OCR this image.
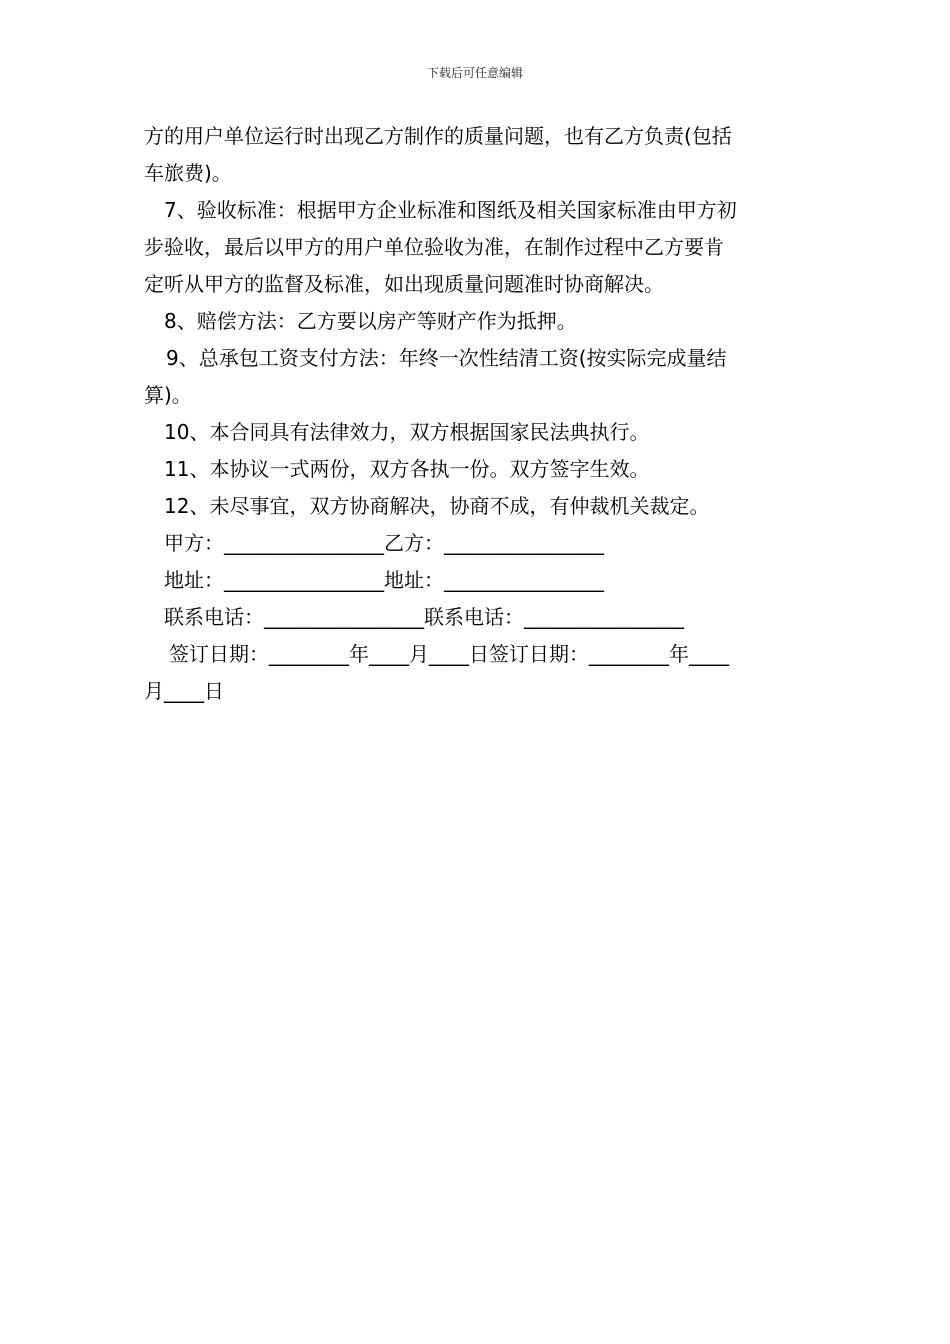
下载后可任意编辑

方的用户单位运行时出现乙方制作的质量问题，也有乙方负责(包括

车旅费)。

7、验收标准：根据甲方企业标准和图纸及相关国家标准由甲方初

步验收，最后以甲方的用户单位验收为准，在制作过程中乙方要肯

定听从甲方的监督及标准，如出现质量问题准时协商解决。

8、赔偿方法：乙方要以房产等财产作为抵押。

9、总承包工资支付方法：年终一次性结清工资(按实际完成量结

算)。

10、本合同具有法律效力，双方根据国家民法典执行。

11、本协议一式两份，双方各执一份。双方签字生效。

12、未尽事宜，双方协商解决，协商不成，有仲裁机关裁定。

甲方：________________乙方：________________

地址：________________地址：________________

联系电话：________________联系电话：________________

签订日期：________年____月____日签订日期：________年____

月____日
